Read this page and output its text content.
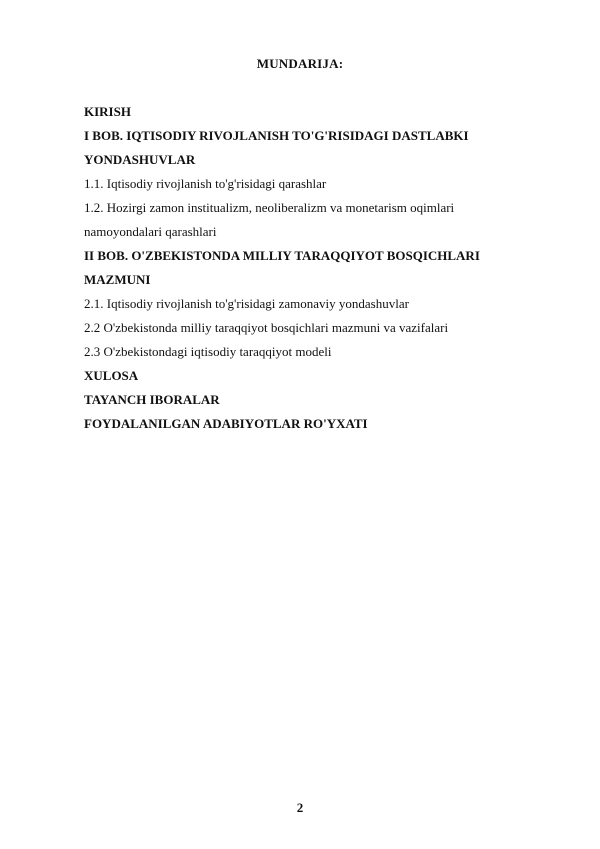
MUNDARIJA:
KIRISH
I BOB. IQTISODIY RIVOJLANISH TO'G'RISIDAGI DASTLABKI
YONDASHUVLAR
1.1. Iqtisodiy rivojlanish to'g'risidagi qarashlar
1.2. Hozirgi zamon institualizm, neoliberalizm va monetarism oqimlari
namoyondalari qarashlari
II BOB. O'ZBEKISTONDA MILLIY TARAQQIYOT BOSQICHLARI
MAZMUNI
2.1. Iqtisodiy rivojlanish to'g'risidagi zamonaviy yondashuvlar
2.2 O'zbekistonda milliy taraqqiyot bosqichlari mazmuni va vazifalari
2.3 O'zbekistondagi iqtisodiy taraqqiyot modeli
XULOSA
TAYANCH IBORALAR
FOYDALANILGAN ADABIYOTLAR RO'YXATI
2
